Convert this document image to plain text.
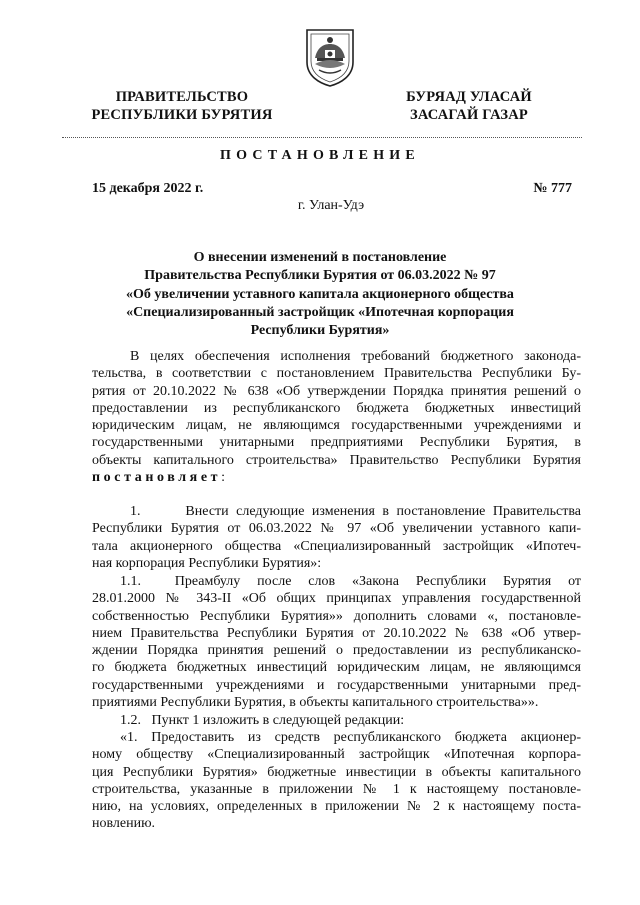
ПРАВИТЕЛЬСТВО
РЕСПУБЛИКИ БУРЯТИЯ
БУРЯАД УЛАСАЙ
ЗАСАГАЙ ГАЗАР
ПОСТАНОВЛЕНИЕ
15 декабря 2022 г.	№ 777
г. Улан-Удэ
О внесении изменений в постановление
Правительства Республики Бурятия от 06.03.2022 № 97
«Об увеличении уставного капитала акционерного общества
«Специализированный застройщик «Ипотечная корпорация
Республики Бурятия»
В целях обеспечения исполнения требований бюджетного законода-
тельства, в соответствии с постановлением Правительства Республики Бу-
рятия от 20.10.2022 № 638 «Об утверждении Порядка принятия решений о
предоставлении из республиканского бюджета бюджетных инвестиций
юридическим лицам, не являющимся государственными учреждениями и
государственными унитарными предприятиями Республики Бурятия, в
объекты капитального строительства» Правительство Республики Бурятия
постановляет:
1.      Внести следующие изменения в постановление Правительства
Республики Бурятия от 06.03.2022 № 97 «Об увеличении уставного капи-
тала акционерного общества «Специализированный застройщик «Ипотеч-
ная корпорация Республики Бурятия»:
1.1.  Преамбулу после слов «Закона Республики Бурятия от
28.01.2000 № 343-II «Об общих принципах управления государственной
собственностью Республики Бурятия»» дополнить словами «, постановле-
нием Правительства Республики Бурятия от 20.10.2022 № 638 «Об утвер-
ждении Порядка принятия решений о предоставлении из республиканско-
го бюджета бюджетных инвестиций юридическим лицам, не являющимся
государственными учреждениями и государственными унитарными пред-
приятиями Республики Бурятия, в объекты капитального строительства»».
1.2.   Пункт 1 изложить в следующей редакции:
«1. Предоставить из средств республиканского бюджета акционер-
ному обществу «Специализированный застройщик «Ипотечная корпора-
ция Республики Бурятия» бюджетные инвестиции в объекты капитального
строительства, указанные в приложении № 1 к настоящему постановле-
нию, на условиях, определенных в приложении № 2 к настоящему поста-
новлению.
